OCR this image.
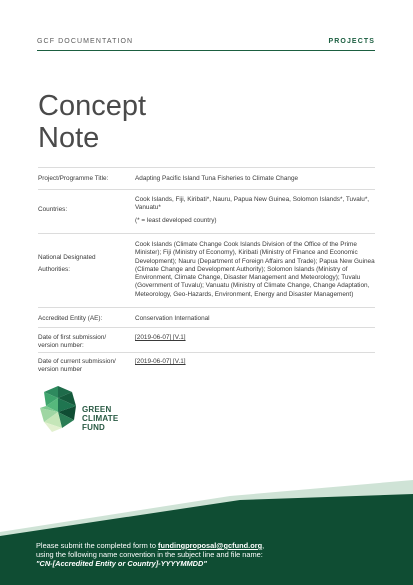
GCF DOCUMENTATION	PROJECTS
Concept
Note
Project/Programme Title:	Adapting Pacific Island Tuna Fisheries to Climate Change
Countries:
Cook Islands, Fiji, Kiribati*, Nauru, Papua New Guinea, Solomon Islands*, Tuvalu*, Vanuatu*
(* = least developed country)
National Designated
Authorities:
Cook Islands (Climate Change Cook Islands Division of the Office of the Prime Minister); Fiji (Ministry of Economy), Kiribati (Ministry of Finance and Economic Development); Nauru (Department of Foreign Affairs and Trade); Papua New Guinea (Climate Change and Development Authority); Solomon Islands (Ministry of Environment, Climate Change, Disaster Management and Meteorology); Tuvalu (Government of Tuvalu); Vanuatu (Ministry of Climate Change, Change Adaptation, Meteorology, Geo-Hazards, Environment, Energy and Disaster Management)
Accredited Entity (AE):	Conservation International
Date of first submission/
version number:
[2019-06-07] [V.1]
Date of current submission/
version number
[2019-06-07] [V.1]
GREEN
CLIMATE
FUND
Please submit the completed form to fundingproposal@gcfund.org,
using the following name convention in the subject line and file name:
"CN-[Accredited Entity or Country]-YYYYMMDD"
